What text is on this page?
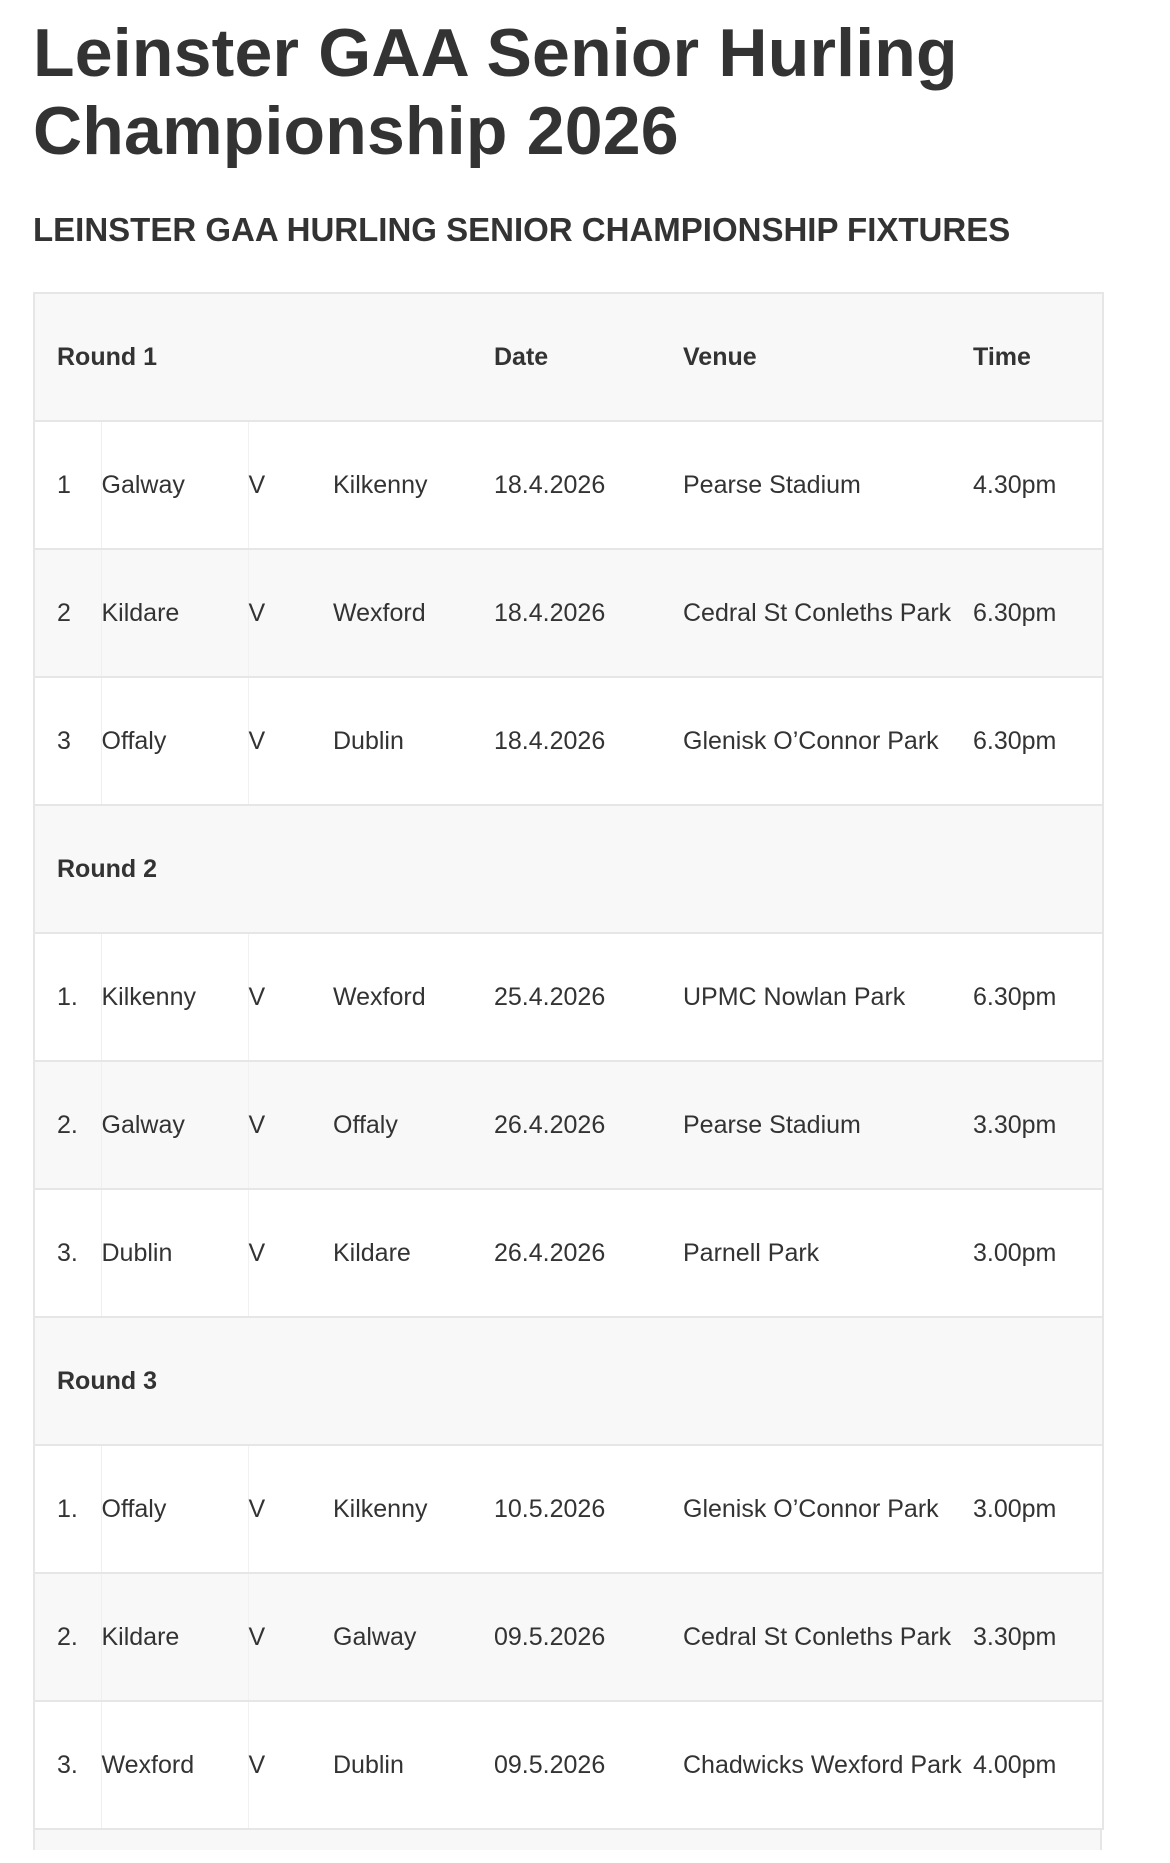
Leinster GAA Senior Hurling Championship 2026
LEINSTER GAA HURLING SENIOR CHAMPIONSHIP FIXTURES
Round 1				Date	Venue	Time
1	Galway	V	Kilkenny	18.4.2026	Pearse Stadium	4.30pm
2	Kildare	V	Wexford	18.4.2026	Cedral St Conleths Park	6.30pm
3	Offaly	V	Dublin	18.4.2026	Glenisk O’Connor Park	6.30pm
Round 2						
1.	Kilkenny	V	Wexford	25.4.2026	UPMC Nowlan Park	6.30pm
2.	Galway	V	Offaly	26.4.2026	Pearse Stadium	3.30pm
3.	Dublin	V	Kildare	26.4.2026	Parnell Park	3.00pm
Round 3						
1.	Offaly	V	Kilkenny	10.5.2026	Glenisk O’Connor Park	3.00pm
2.	Kildare	V	Galway	09.5.2026	Cedral St Conleths Park	3.30pm
3.	Wexford	V	Dublin	09.5.2026	Chadwicks Wexford Park	4.00pm
